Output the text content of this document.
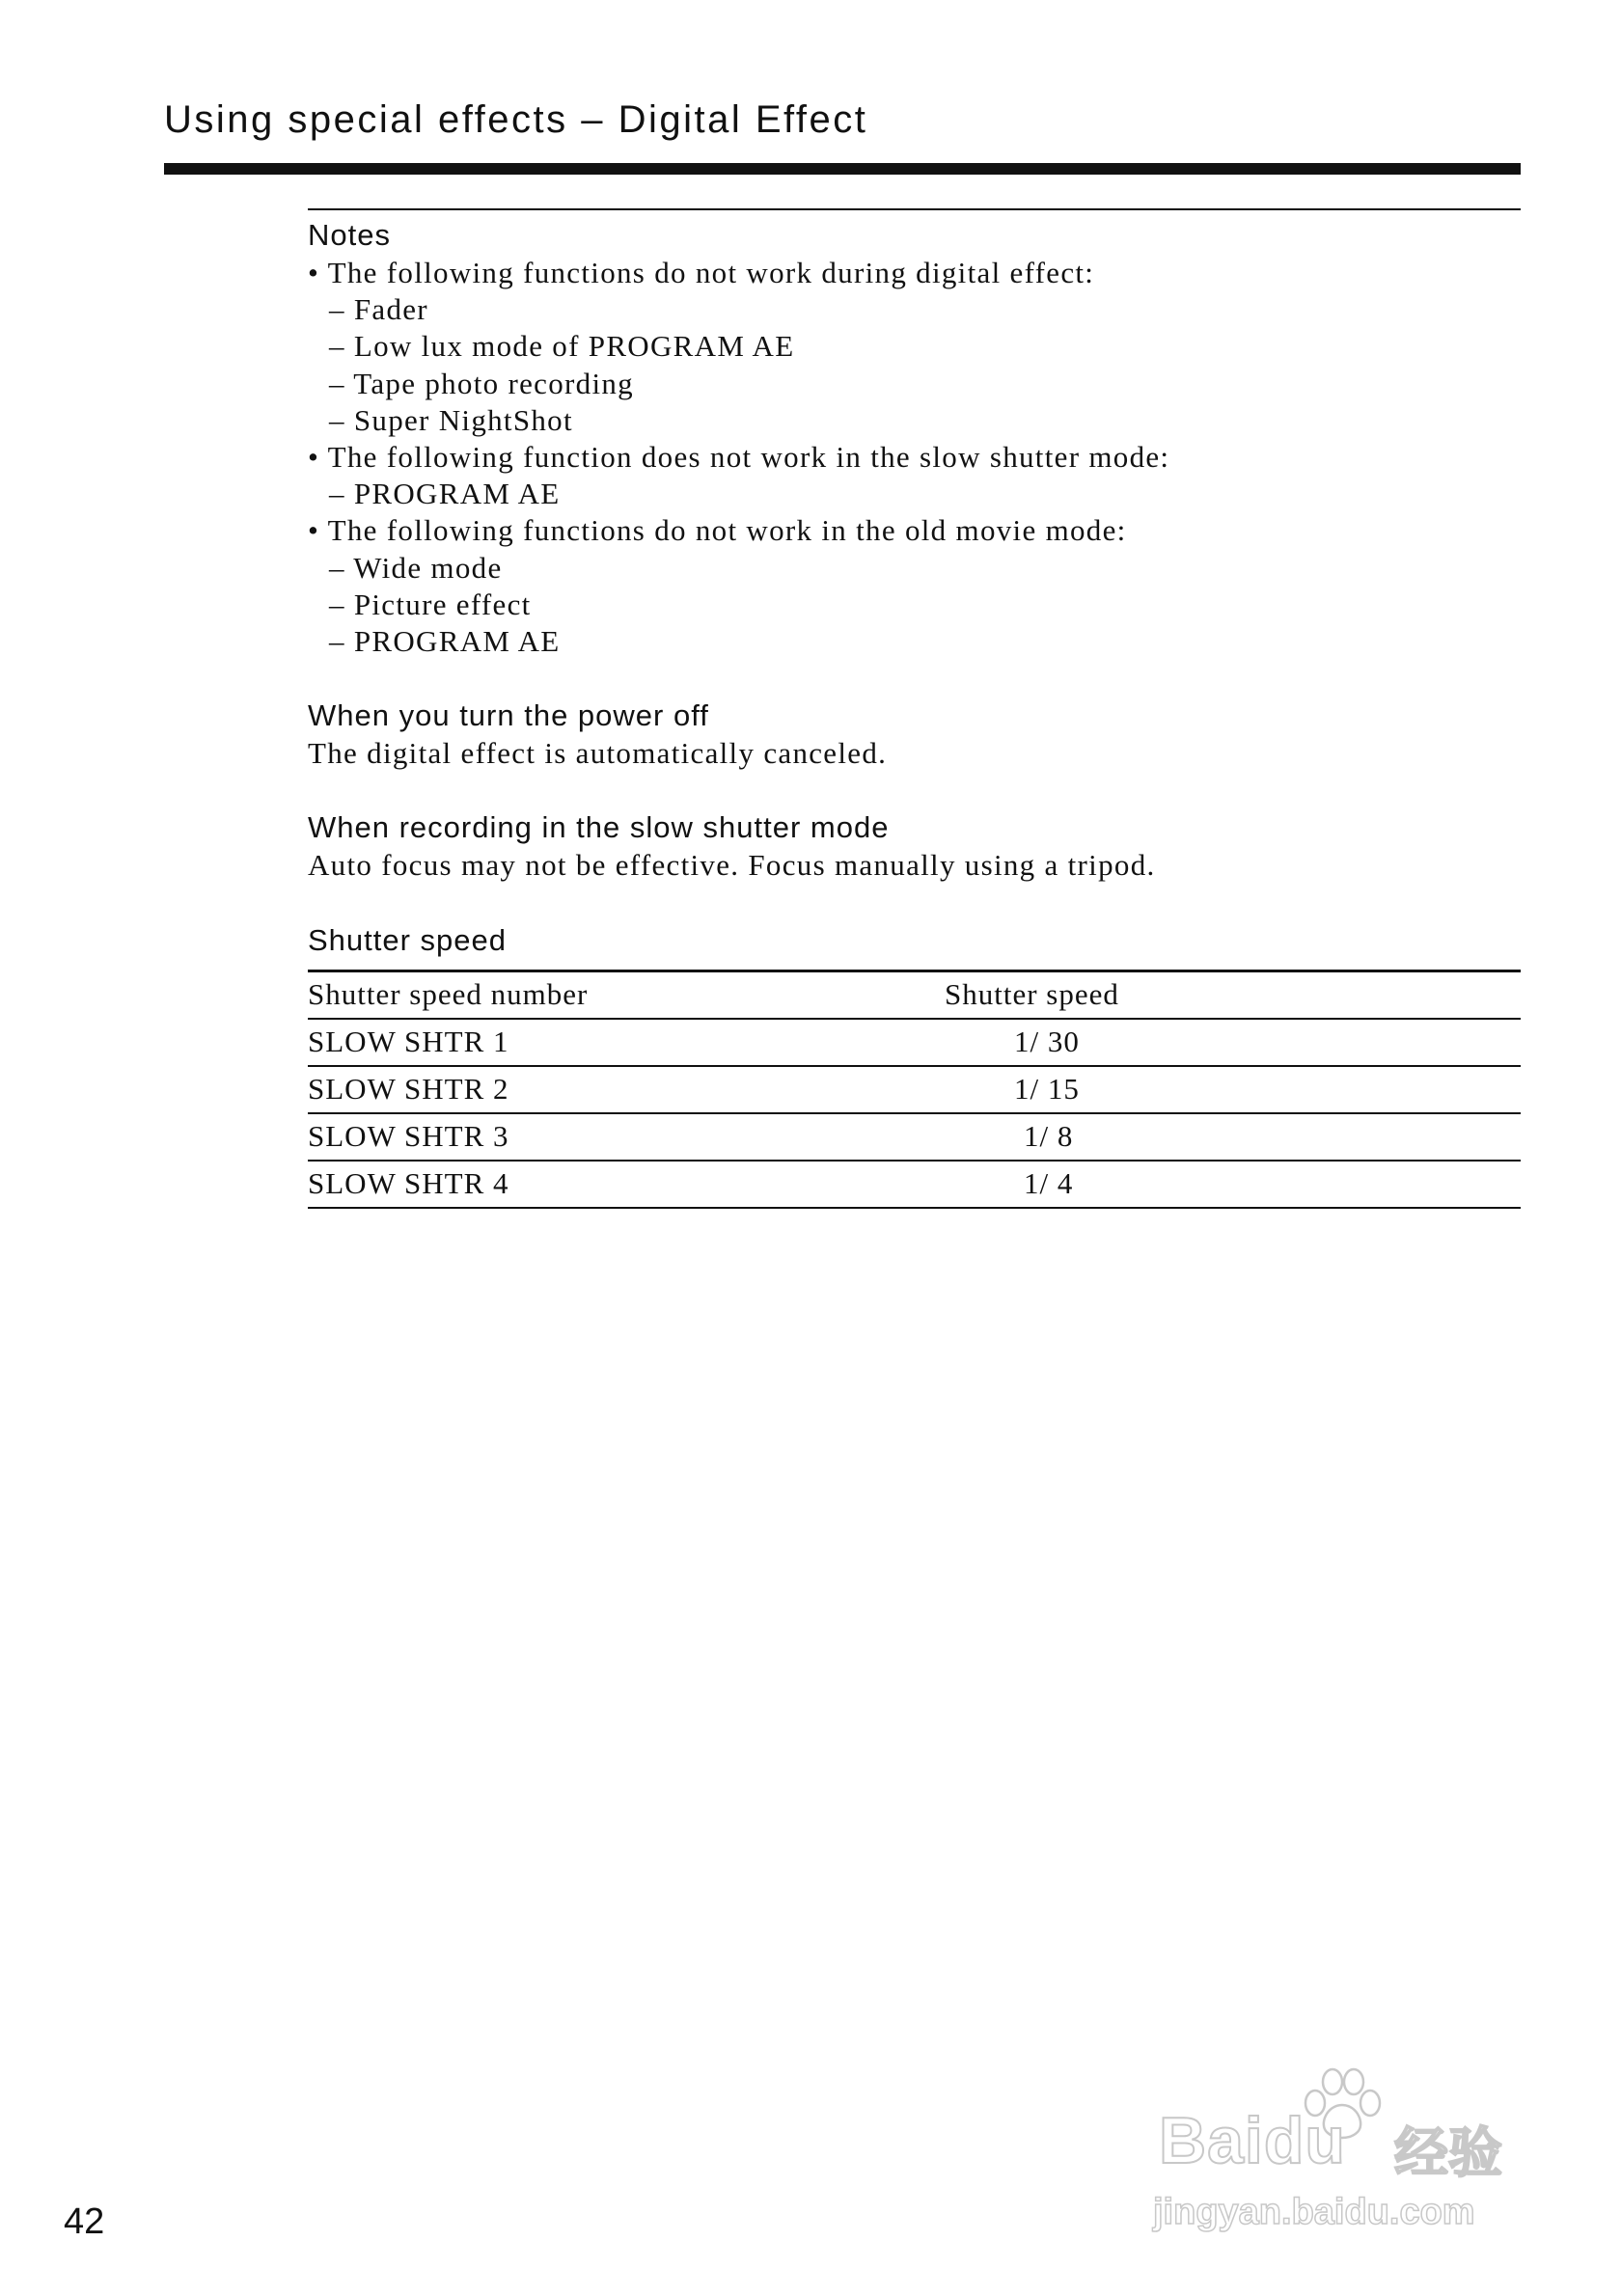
Using special effects – Digital Effect
Notes
• The following functions do not work during digital effect:
– Fader
– Low lux mode of PROGRAM AE
– Tape photo recording
– Super NightShot
• The following function does not work in the slow shutter mode:
– PROGRAM AE
• The following functions do not work in the old movie mode:
– Wide mode
– Picture effect
– PROGRAM AE
When you turn the power off
The digital effect is automatically canceled.
When recording in the slow shutter mode
Auto focus may not be effective. Focus manually using a tripod.
Shutter speed
Shutter speed number	Shutter speed
SLOW SHTR 1	1/ 30
SLOW SHTR 2	1/ 15
SLOW SHTR 3	1/ 8
SLOW SHTR 4	1/ 4
42
Baidu 经验
jingyan.baidu.com
